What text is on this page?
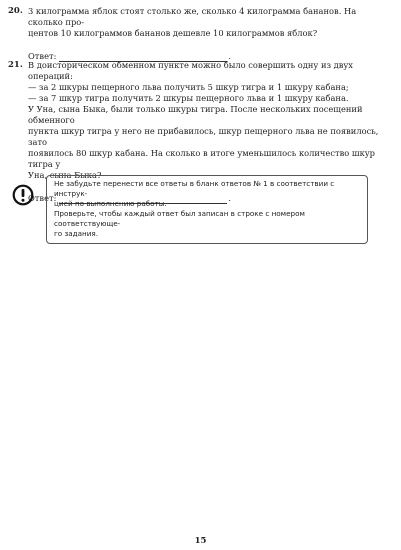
20. 3 килограмма яблок стоят столько же, сколько 4 килограмма бананов. На сколько про-

центов 10 килограммов бананов дешевле 10 килограммов яблок?

Ответ:	.
21. В доисторическом обменном пункте можно было совершить одну из двух операций:

— за 2 шкуры пещерного льва получить 5 шкур тигра и 1 шкуру кабана;

— за 7 шкур тигра получить 2 шкуры пещерного льва и 1 шкуру кабана.

У Уна, сына Быка, были только шкуры тигра. После нескольких посещений обменного

пункта шкур тигра у него не прибавилось, шкур пещерного льва не появилось, зато

появилось 80 шкур кабана. На сколько в итоге уменьшилось количество шкур тигра у

Уна, сына Быка?

Ответ:	.

Не забудьте перенести все ответы в бланк ответов № 1 в соответствии с инструк-

цией по выполнению работы.

Проверьте, чтобы каждый ответ был записан в строке с номером соответствующе-

го задания.

15
